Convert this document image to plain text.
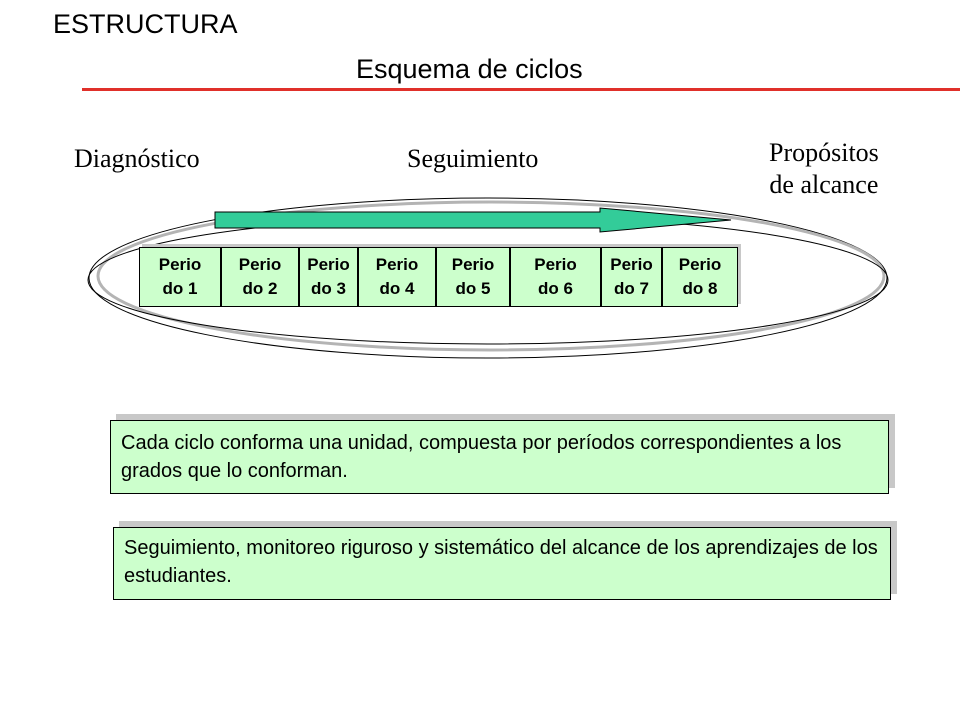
ESTRUCTURA
Esquema de ciclos
Diagnóstico	Seguimiento	Propósitos
de alcance
Perio
do 1
Perio
do 2
Perio
do 3
Perio
do 4
Perio
do 5
Perio
do 6
Perio
do 7
Perio
do 8
Cada ciclo conforma una unidad, compuesta por períodos correspondientes a los grados que lo conforman.
Seguimiento, monitoreo riguroso y sistemático del alcance de los aprendizajes de los estudiantes.
